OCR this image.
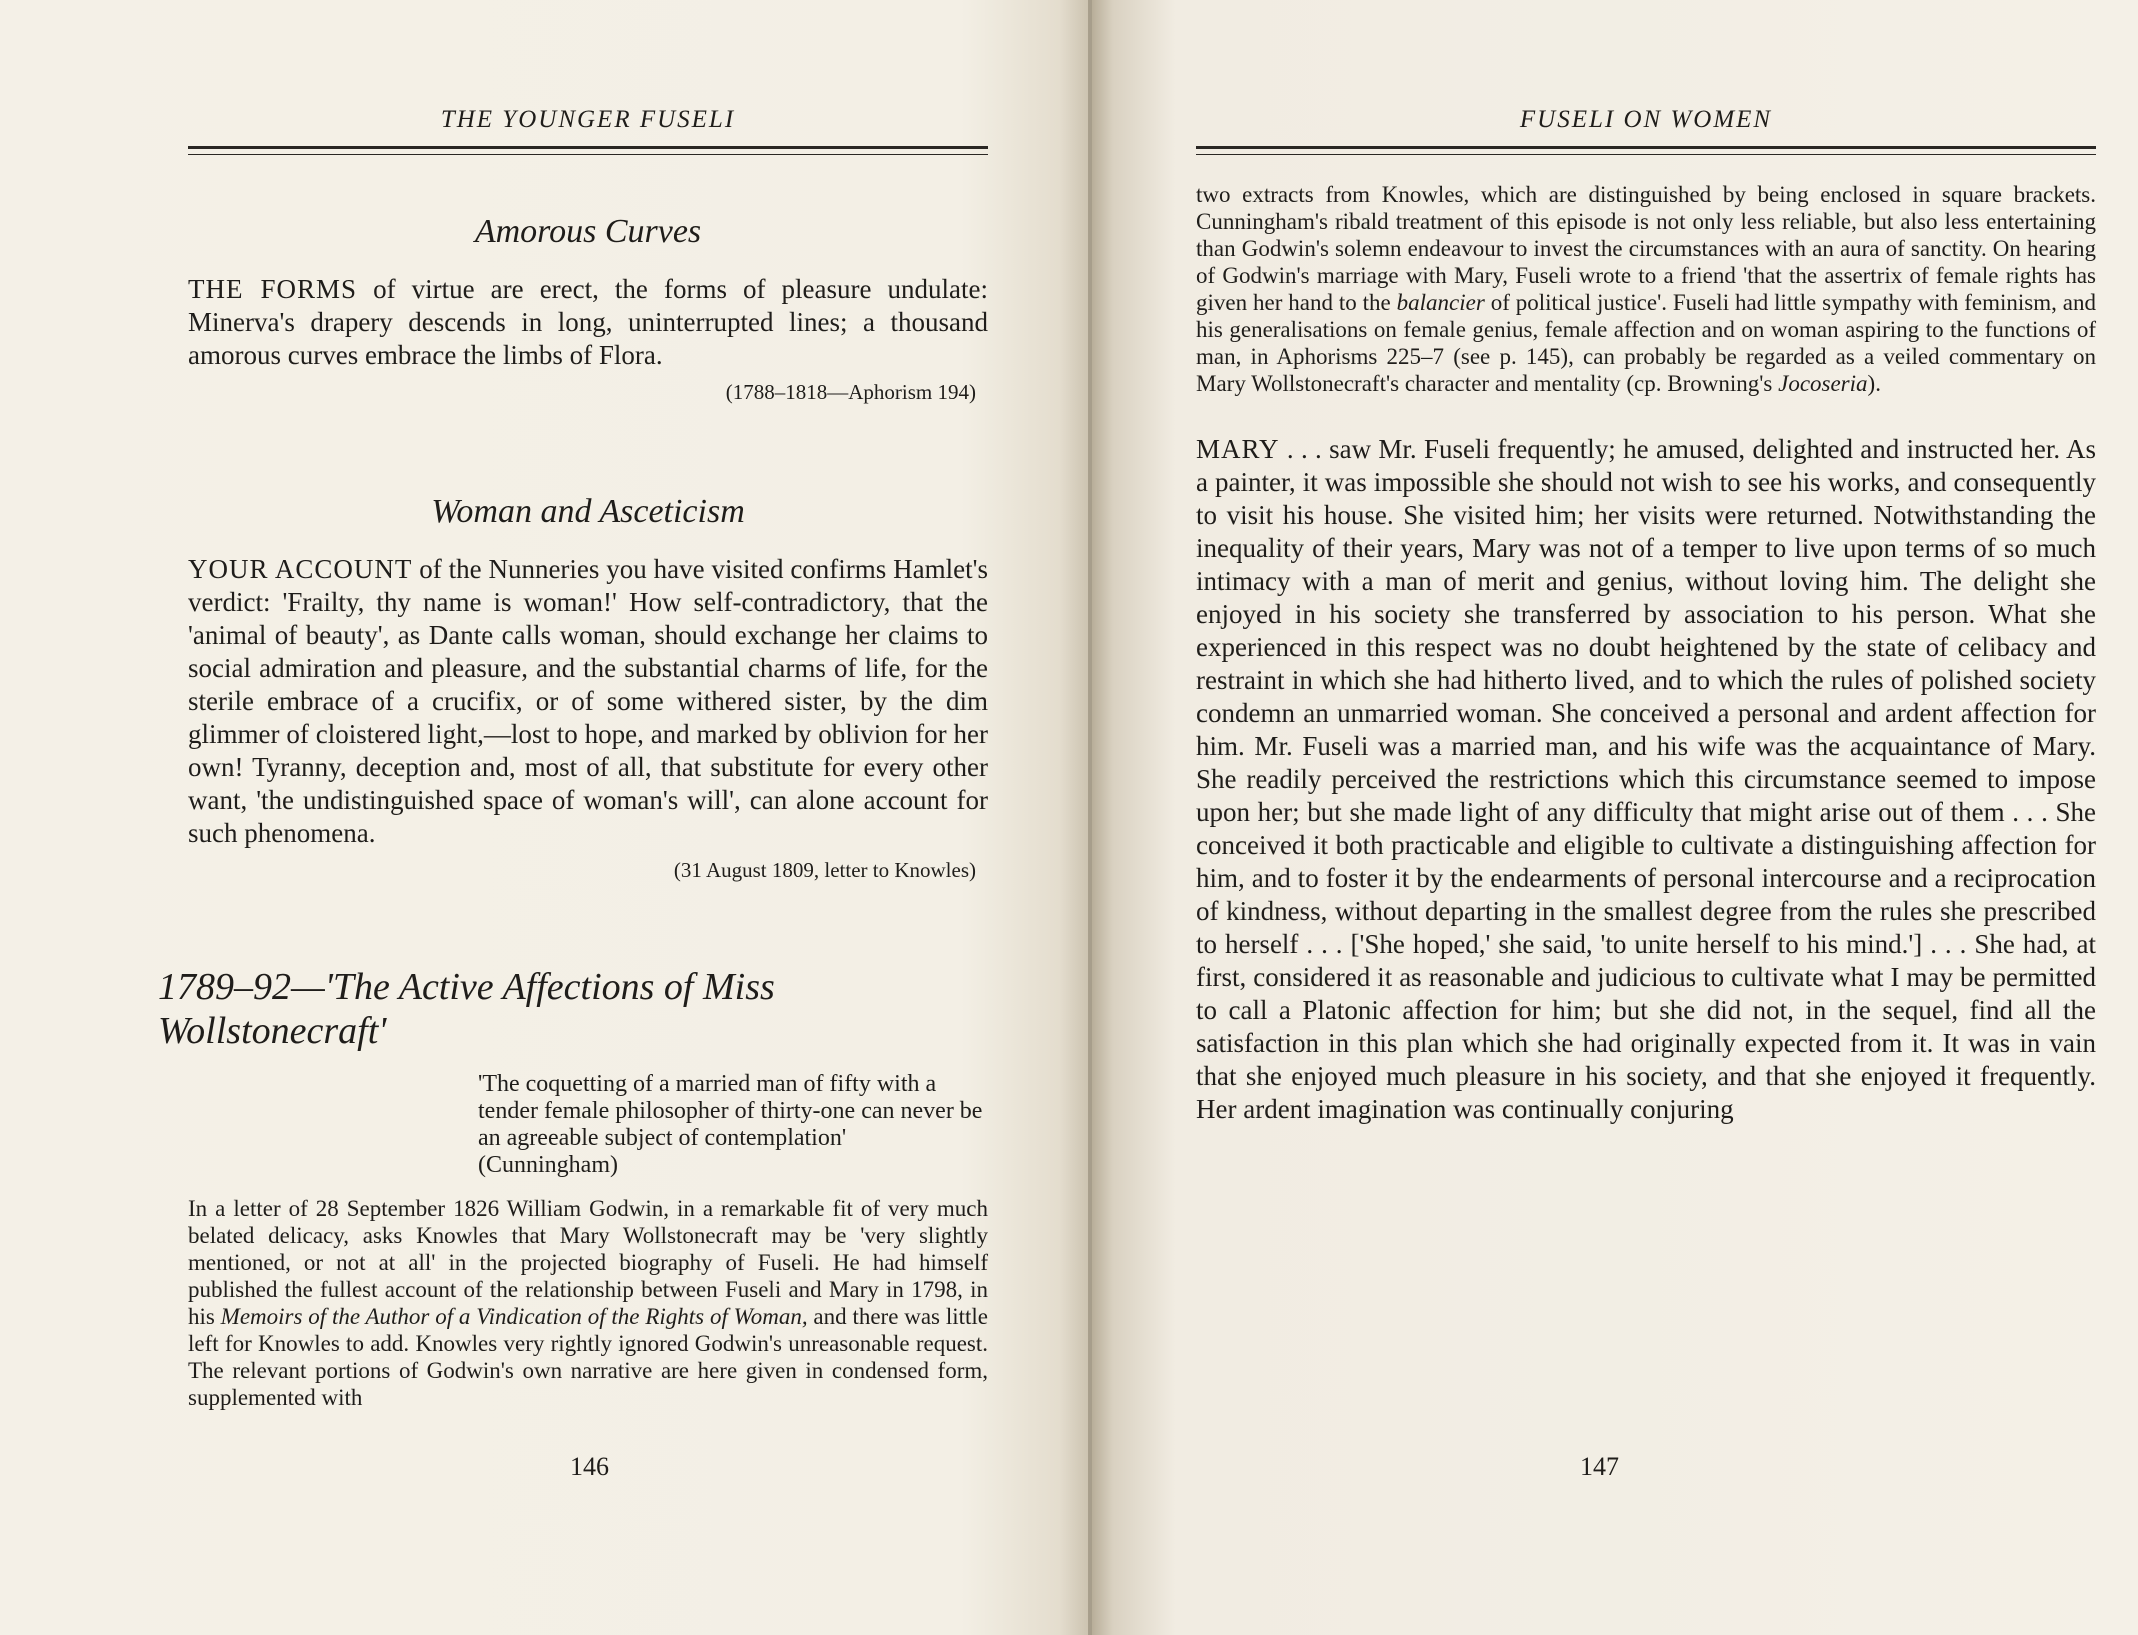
THE YOUNGER FUSELI
Amorous Curves

THE FORMS of virtue are erect, the forms of pleasure undulate: Minerva's drapery descends in long, uninterrupted lines; a thousand amorous curves embrace the limbs of Flora.

(1788–1818—Aphorism 194)
Woman and Asceticism

YOUR ACCOUNT of the Nunneries you have visited confirms Hamlet's verdict: 'Frailty, thy name is woman!' How self-contradictory, that the 'animal of beauty', as Dante calls woman, should exchange her claims to social admiration and pleasure, and the substantial charms of life, for the sterile embrace of a crucifix, or of some withered sister, by the dim glimmer of cloistered light,—lost to hope, and marked by oblivion for her own! Tyranny, deception and, most of all, that substitute for every other want, 'the undistinguished space of woman's will', can alone account for such phenomena.

(31 August 1809, letter to Knowles)
1789–92—'The Active Affections of Miss Wollstonecraft'
'The coquetting of a married man of fifty with a tender female philosopher of thirty-one can never be an agreeable subject of contemplation' (Cunningham)

In a letter of 28 September 1826 William Godwin, in a remarkable fit of very much belated delicacy, asks Knowles that Mary Wollstonecraft may be 'very slightly mentioned, or not at all' in the projected biography of Fuseli. He had himself published the fullest account of the relationship between Fuseli and Mary in 1798, in his Memoirs of the Author of a Vindication of the Rights of Woman, and there was little left for Knowles to add. Knowles very rightly ignored Godwin's unreasonable request. The relevant portions of Godwin's own narrative are here given in condensed form, supplemented with

146
FUSELI ON WOMEN

two extracts from Knowles, which are distinguished by being enclosed in square brackets. Cunningham's ribald treatment of this episode is not only less reliable, but also less entertaining than Godwin's solemn endeavour to invest the circumstances with an aura of sanctity. On hearing of Godwin's marriage with Mary, Fuseli wrote to a friend 'that the assertrix of female rights has given her hand to the balancier of political justice'. Fuseli had little sympathy with feminism, and his generalisations on female genius, female affection and on woman aspiring to the functions of man, in Aphorisms 225–7 (see p. 145), can probably be regarded as a veiled commentary on Mary Wollstonecraft's character and mentality (cp. Browning's Jocoseria).

MARY . . . saw Mr. Fuseli frequently; he amused, delighted and instructed her. As a painter, it was impossible she should not wish to see his works, and consequently to visit his house. She visited him; her visits were returned. Notwithstanding the inequality of their years, Mary was not of a temper to live upon terms of so much intimacy with a man of merit and genius, without loving him. The delight she enjoyed in his society she transferred by association to his person. What she experienced in this respect was no doubt heightened by the state of celibacy and restraint in which she had hitherto lived, and to which the rules of polished society condemn an unmarried woman. She conceived a personal and ardent affection for him. Mr. Fuseli was a married man, and his wife was the acquaintance of Mary. She readily perceived the restrictions which this circumstance seemed to impose upon her; but she made light of any difficulty that might arise out of them . . . She conceived it both practicable and eligible to cultivate a distinguishing affection for him, and to foster it by the endearments of personal intercourse and a reciprocation of kindness, without departing in the smallest degree from the rules she prescribed to herself . . . ['She hoped,' she said, 'to unite herself to his mind.'] . . . She had, at first, considered it as reasonable and judicious to cultivate what I may be permitted to call a Platonic affection for him; but she did not, in the sequel, find all the satisfaction in this plan which she had originally expected from it. It was in vain that she enjoyed much pleasure in his society, and that she enjoyed it frequently. Her ardent imagination was continually conjuring

147
